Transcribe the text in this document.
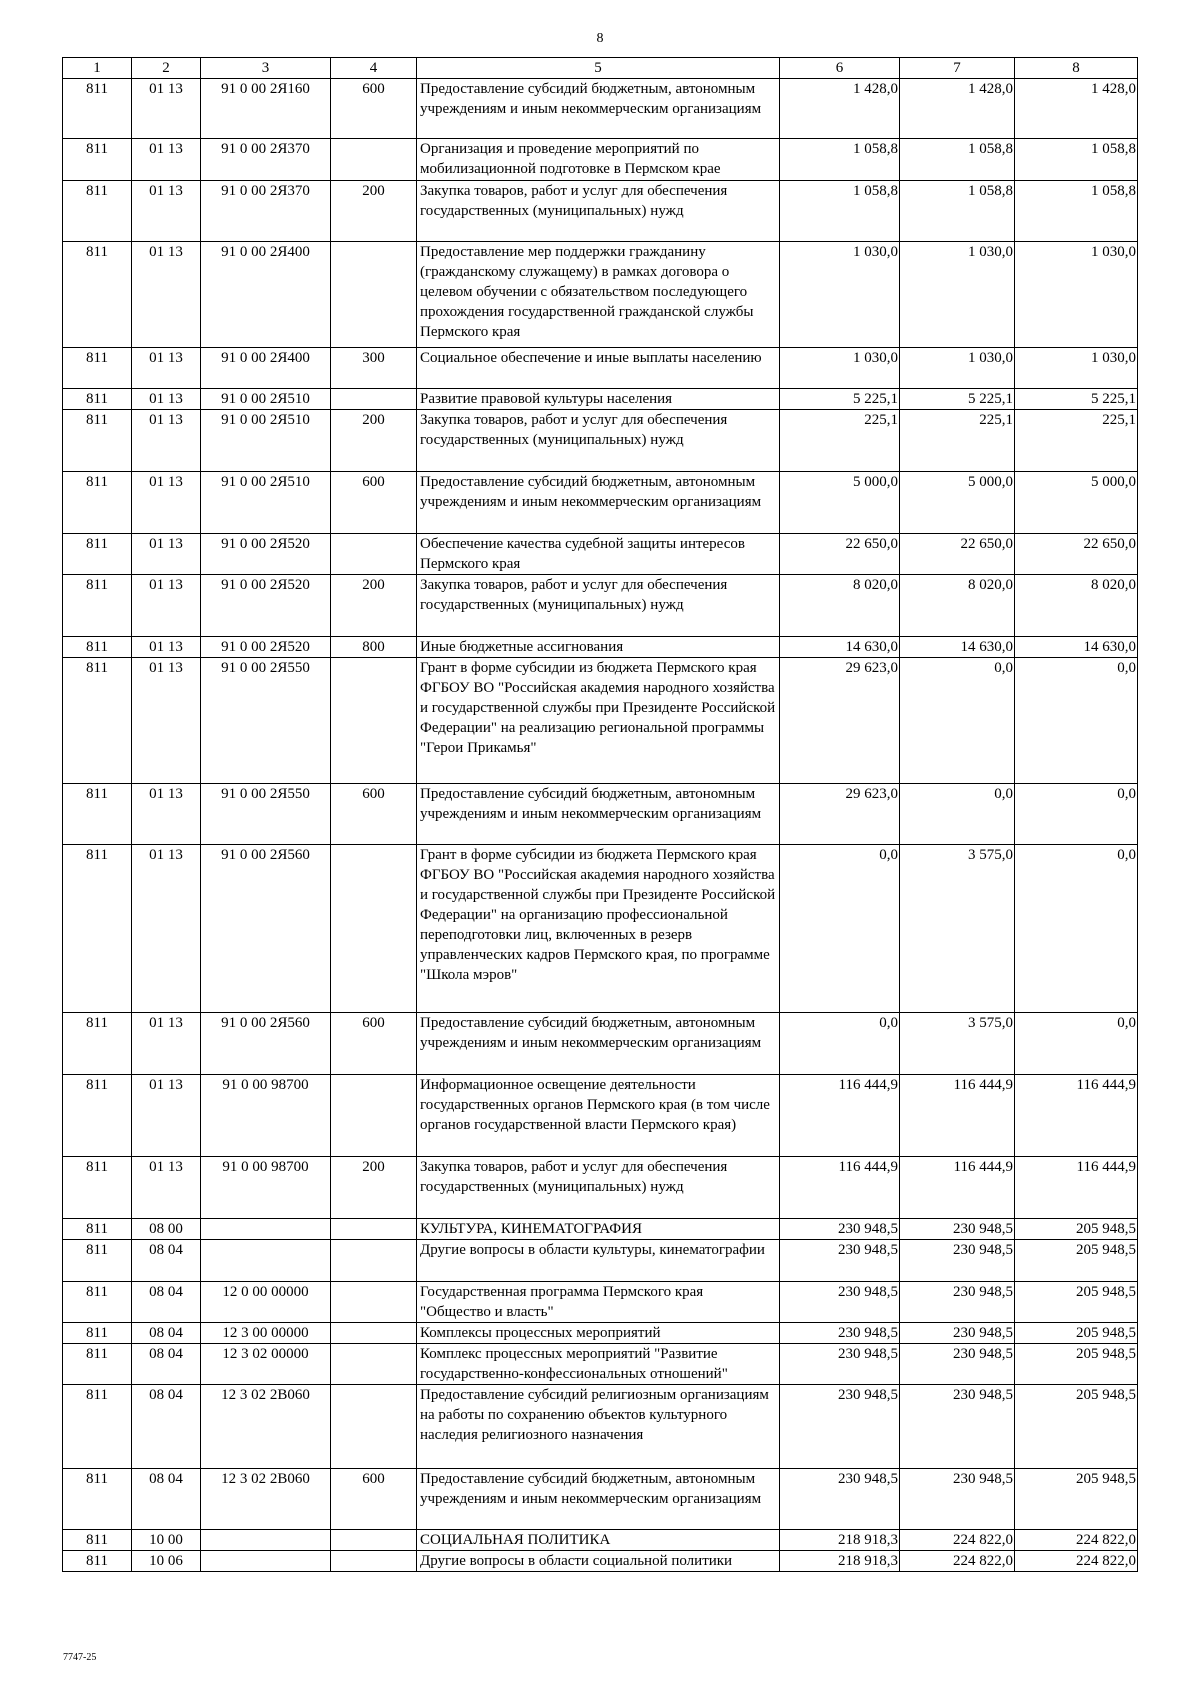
8
1	2	3	4	5	6	7	8
811	01 13	91 0 00 2Я160	600	Предоставление субсидий бюджетным, автономным учреждениям и иным некоммерческим организациям	1 428,0	1 428,0	1 428,0
811	01 13	91 0 00 2Я370		Организация и проведение мероприятий по мобилизационной подготовке в Пермском крае	1 058,8	1 058,8	1 058,8
811	01 13	91 0 00 2Я370	200	Закупка товаров, работ и услуг для обеспечения государственных (муниципальных) нужд	1 058,8	1 058,8	1 058,8
811	01 13	91 0 00 2Я400		Предоставление мер поддержки гражданину (гражданскому служащему) в рамках договора о целевом обучении с обязательством последующего прохождения государственной гражданской службы Пермского края	1 030,0	1 030,0	1 030,0
811	01 13	91 0 00 2Я400	300	Социальное обеспечение и иные выплаты населению	1 030,0	1 030,0	1 030,0
811	01 13	91 0 00 2Я510		Развитие правовой культуры населения	5 225,1	5 225,1	5 225,1
811	01 13	91 0 00 2Я510	200	Закупка товаров, работ и услуг для обеспечения государственных (муниципальных) нужд	225,1	225,1	225,1
811	01 13	91 0 00 2Я510	600	Предоставление субсидий бюджетным, автономным учреждениям и иным некоммерческим организациям	5 000,0	5 000,0	5 000,0
811	01 13	91 0 00 2Я520		Обеспечение качества судебной защиты интересов Пермского края	22 650,0	22 650,0	22 650,0
811	01 13	91 0 00 2Я520	200	Закупка товаров, работ и услуг для обеспечения государственных (муниципальных) нужд	8 020,0	8 020,0	8 020,0
811	01 13	91 0 00 2Я520	800	Иные бюджетные ассигнования	14 630,0	14 630,0	14 630,0
811	01 13	91 0 00 2Я550		Грант в форме субсидии из бюджета Пермского края ФГБОУ ВО "Российская академия народного хозяйства и государственной службы при Президенте Российской Федерации" на реализацию региональной программы "Герои Прикамья"	29 623,0	0,0	0,0
811	01 13	91 0 00 2Я550	600	Предоставление субсидий бюджетным, автономным учреждениям и иным некоммерческим организациям	29 623,0	0,0	0,0
811	01 13	91 0 00 2Я560		Грант в форме субсидии из бюджета Пермского края ФГБОУ ВО "Российская академия народного хозяйства и государственной службы при Президенте Российской Федерации" на организацию профессиональной переподготовки лиц, включенных в резерв управленческих кадров Пермского края, по программе "Школа мэров"	0,0	3 575,0	0,0
811	01 13	91 0 00 2Я560	600	Предоставление субсидий бюджетным, автономным учреждениям и иным некоммерческим организациям	0,0	3 575,0	0,0
811	01 13	91 0 00 98700		Информационное освещение деятельности государственных органов Пермского края (в том числе органов государственной власти Пермского края)	116 444,9	116 444,9	116 444,9
811	01 13	91 0 00 98700	200	Закупка товаров, работ и услуг для обеспечения государственных (муниципальных) нужд	116 444,9	116 444,9	116 444,9
811	08 00			КУЛЬТУРА, КИНЕМАТОГРАФИЯ	230 948,5	230 948,5	205 948,5
811	08 04			Другие вопросы в области культуры, кинематографии	230 948,5	230 948,5	205 948,5
811	08 04	12 0 00 00000		Государственная программа Пермского края "Общество и власть"	230 948,5	230 948,5	205 948,5
811	08 04	12 3 00 00000		Комплексы процессных мероприятий	230 948,5	230 948,5	205 948,5
811	08 04	12 3 02 00000		Комплекс процессных мероприятий "Развитие государственно-конфессиональных отношений"	230 948,5	230 948,5	205 948,5
811	08 04	12 3 02 2В060		Предоставление субсидий религиозным организациям на работы по сохранению объектов культурного наследия религиозного назначения	230 948,5	230 948,5	205 948,5
811	08 04	12 3 02 2В060	600	Предоставление субсидий бюджетным, автономным учреждениям и иным некоммерческим организациям	230 948,5	230 948,5	205 948,5
811	10 00			СОЦИАЛЬНАЯ ПОЛИТИКА	218 918,3	224 822,0	224 822,0
811	10 06			Другие вопросы в области социальной политики	218 918,3	224 822,0	224 822,0
7747-25
